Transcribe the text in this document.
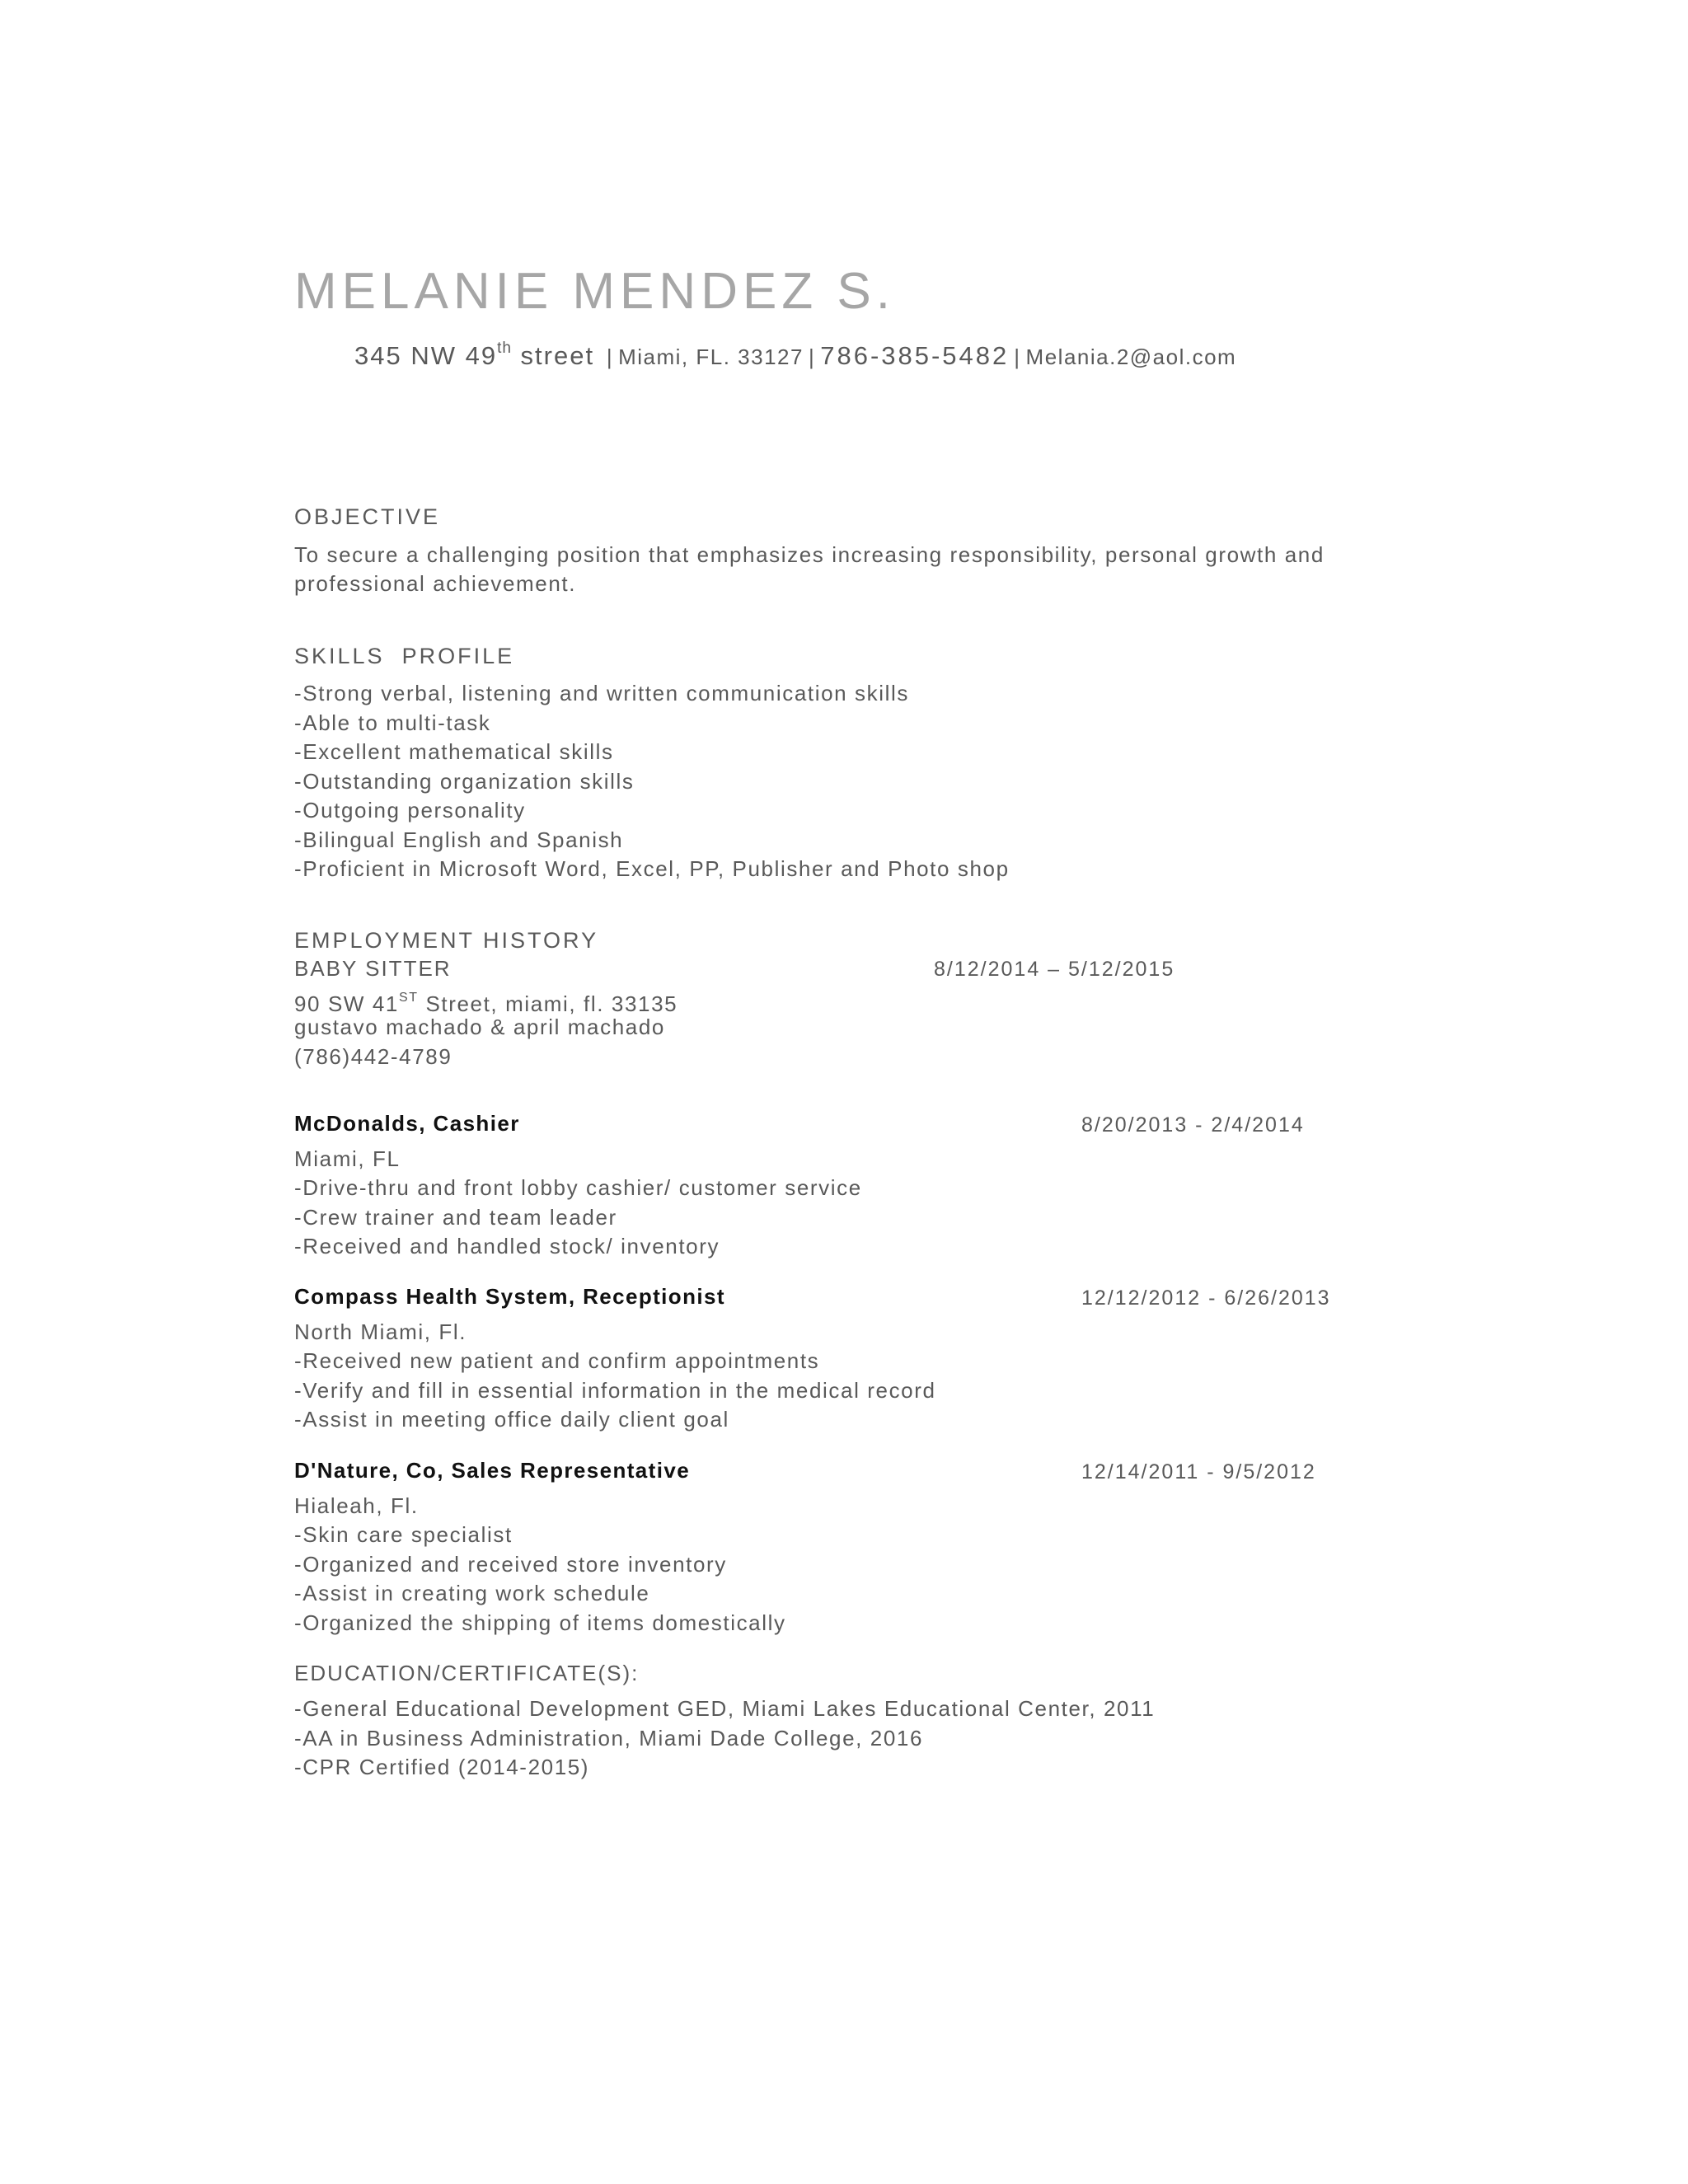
MELANIE MENDEZ S.
345 NW 49th street | Miami, FL. 33127 | 786-385-5482 | Melania.2@aol.com
OBJECTIVE
To secure a challenging position that emphasizes increasing responsibility, personal growth and
professional achievement.
SKILLS  PROFILE
-Strong verbal, listening and written communication skills
-Able to multi-task
-Excellent mathematical skills
-Outstanding organization skills
-Outgoing personality
-Bilingual English and Spanish
-Proficient in Microsoft Word, Excel, PP, Publisher and Photo shop
EMPLOYMENT HISTORY
BABY SITTER	8/12/2014 – 5/12/2015
90 SW 41ST Street, miami, fl. 33135
gustavo machado & april machado
(786)442-4789
McDonalds, Cashier	8/20/2013 - 2/4/2014
Miami, FL
-Drive-thru and front lobby cashier/ customer service
-Crew trainer and team leader
-Received and handled stock/ inventory
Compass Health System, Receptionist	12/12/2012 - 6/26/2013
North Miami, Fl.
-Received new patient and confirm appointments
-Verify and fill in essential information in the medical record
-Assist in meeting office daily client goal
D'Nature, Co, Sales Representative	12/14/2011 - 9/5/2012
Hialeah, Fl.
-Skin care specialist
-Organized and received store inventory
-Assist in creating work schedule
-Organized the shipping of items domestically
EDUCATION/CERTIFICATE(S):
-General Educational Development GED, Miami Lakes Educational Center, 2011
-AA in Business Administration, Miami Dade College, 2016
-CPR Certified (2014-2015)
